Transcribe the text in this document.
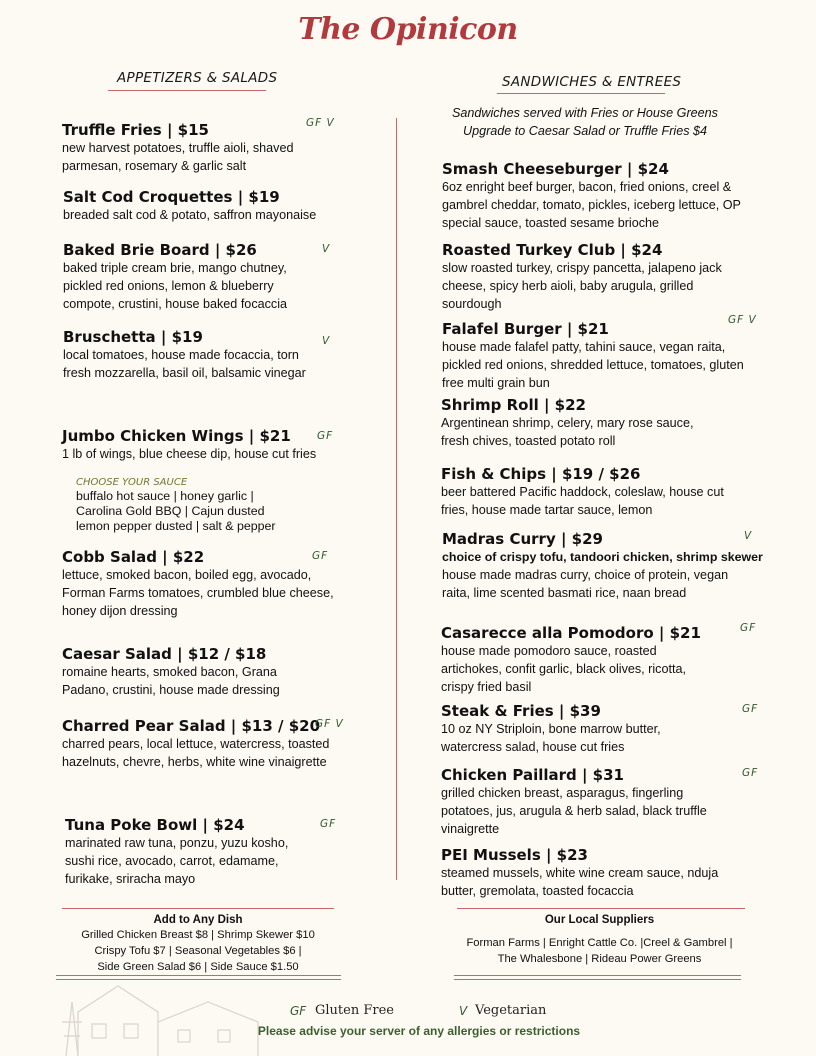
The Opinicon
APPETIZERS & SALADS	SANDWICHES & ENTREES
Sandwiches served with Fries or House Greens
Upgrade to Caesar Salad or Truffle Fries $4
Truffle Fries | $15
new harvest potatoes, truffle aioli, shaved parmesan, rosemary & garlic salt
GF V
Salt Cod Croquettes | $19
breaded salt cod & potato, saffron mayonaise
Baked Brie Board | $26
baked triple cream brie, mango chutney, pickled red onions, lemon & blueberry compote, crustini, house baked focaccia
V
Bruschetta | $19
local tomatoes, house made focaccia, torn fresh mozzarella, basil oil, balsamic vinegar
V
Jumbo Chicken Wings | $21
1 lb of wings, blue cheese dip, house cut fries
GF
CHOOSE YOUR SAUCE
buffalo hot sauce | honey garlic | Carolina Gold BBQ | Cajun dusted lemon pepper dusted | salt & pepper
Cobb Salad | $22
lettuce, smoked bacon, boiled egg, avocado, Forman Farms tomatoes, crumbled blue cheese, honey dijon dressing
GF
Caesar Salad | $12 / $18
romaine hearts, smoked bacon, Grana Padano, crustini, house made dressing
Charred Pear Salad | $13 / $20
charred pears, local lettuce, watercress, toasted hazelnuts, chevre, herbs, white wine vinaigrette
GF V
Tuna Poke Bowl | $24
marinated raw tuna, ponzu, yuzu kosho, sushi rice, avocado, carrot, edamame, furikake, sriracha mayo
GF
Smash Cheeseburger | $24
6oz enright beef burger, bacon, fried onions, creel & gambrel cheddar, tomato, pickles, iceberg lettuce, OP special sauce, toasted sesame brioche
Roasted Turkey Club | $24
slow roasted turkey, crispy pancetta, jalapeno jack cheese, spicy herb aioli, baby arugula, grilled sourdough
Falafel Burger | $21
house made falafel patty, tahini sauce, vegan raita, pickled red onions, shredded lettuce, tomatoes, gluten free multi grain bun
GF V
Shrimp Roll | $22
Argentinean shrimp, celery, mary rose sauce, fresh chives, toasted potato roll
Fish & Chips | $19 / $26
beer battered Pacific haddock, coleslaw, house cut fries, house made tartar sauce, lemon
Madras Curry | $29
choice of crispy tofu, tandoori chicken, shrimp skewer
house made madras curry, choice of protein, vegan raita, lime scented basmati rice, naan bread
V
Casarecce alla Pomodoro | $21
house made pomodoro sauce, roasted artichokes, confit garlic, black olives, ricotta, crispy fried basil
GF
Steak & Fries | $39
10 oz NY Striploin, bone marrow butter, watercress salad, house cut fries
GF
Chicken Paillard | $31
grilled chicken breast, asparagus, fingerling potatoes, jus, arugula & herb salad, black truffle vinaigrette
GF
PEI Mussels | $23
steamed mussels, white wine cream sauce, nduja butter, gremolata, toasted focaccia
Add to Any Dish
Grilled Chicken Breast $8 | Shrimp Skewer $10
Crispy Tofu $7 | Seasonal Vegetables $6 |
Side Green Salad $6 | Side Sauce $1.50
Our Local Suppliers
Forman Farms | Enright Cattle Co. |Creel & Gambrel |
The Whalesbone | Rideau Power Greens
GF Gluten Free	V Vegetarian
Please advise your server of any allergies or restrictions
